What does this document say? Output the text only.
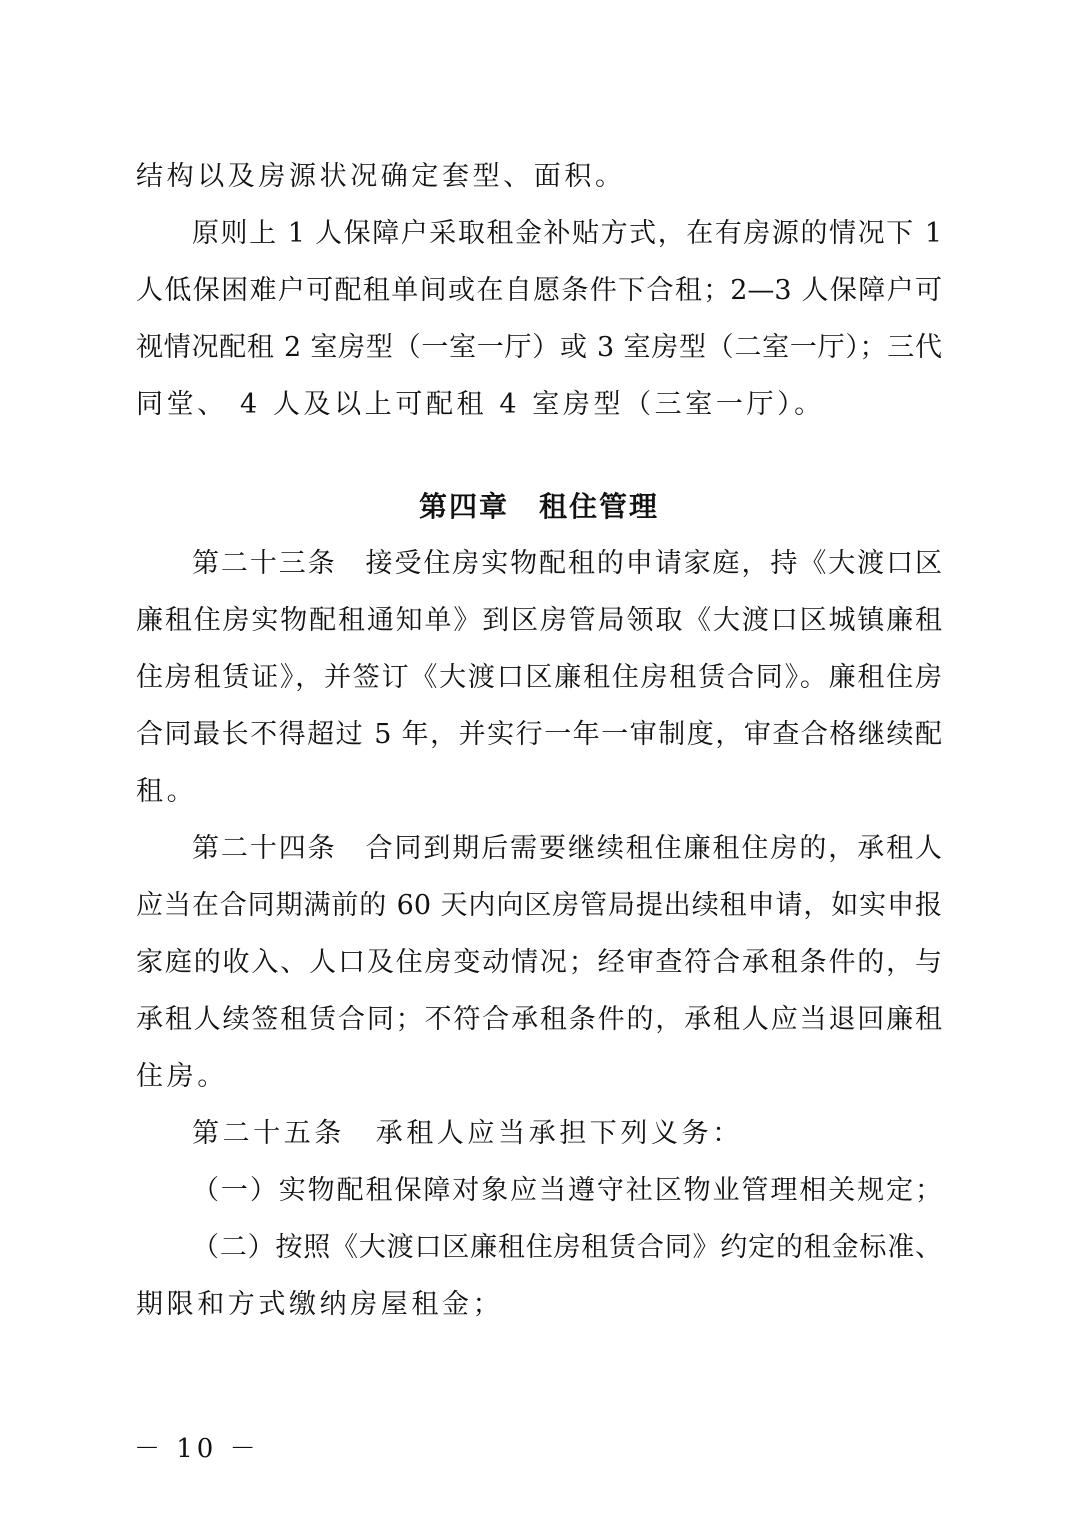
结构以及房源状况确定套型、面积。
原则上 1 人保障户采取租金补贴方式，在有房源的情况下 1
人低保困难户可配租单间或在自愿条件下合租；2—3 人保障户可
视情况配租 2 室房型（一室一厅）或 3 室房型（二室一厅）；三代
同堂、 4 人及以上可配租 4 室房型（三室一厅）。
第四章　租住管理
第二十三条　接受住房实物配租的申请家庭，持《大渡口区
廉租住房实物配租通知单》到区房管局领取《大渡口区城镇廉租
住房租赁证》，并签订《大渡口区廉租住房租赁合同》。廉租住房
合同最长不得超过 5 年，并实行一年一审制度，审查合格继续配
租。
第二十四条　合同到期后需要继续租住廉租住房的，承租人
应当在合同期满前的 60 天内向区房管局提出续租申请，如实申报
家庭的收入、人口及住房变动情况；经审查符合承租条件的，与
承租人续签租赁合同；不符合承租条件的，承租人应当退回廉租
住房。
第二十五条　承租人应当承担下列义务：
（一）实物配租保障对象应当遵守社区物业管理相关规定；
（二）按照《大渡口区廉租住房租赁合同》约定的租金标准、
期限和方式缴纳房屋租金；
－ 10 －
